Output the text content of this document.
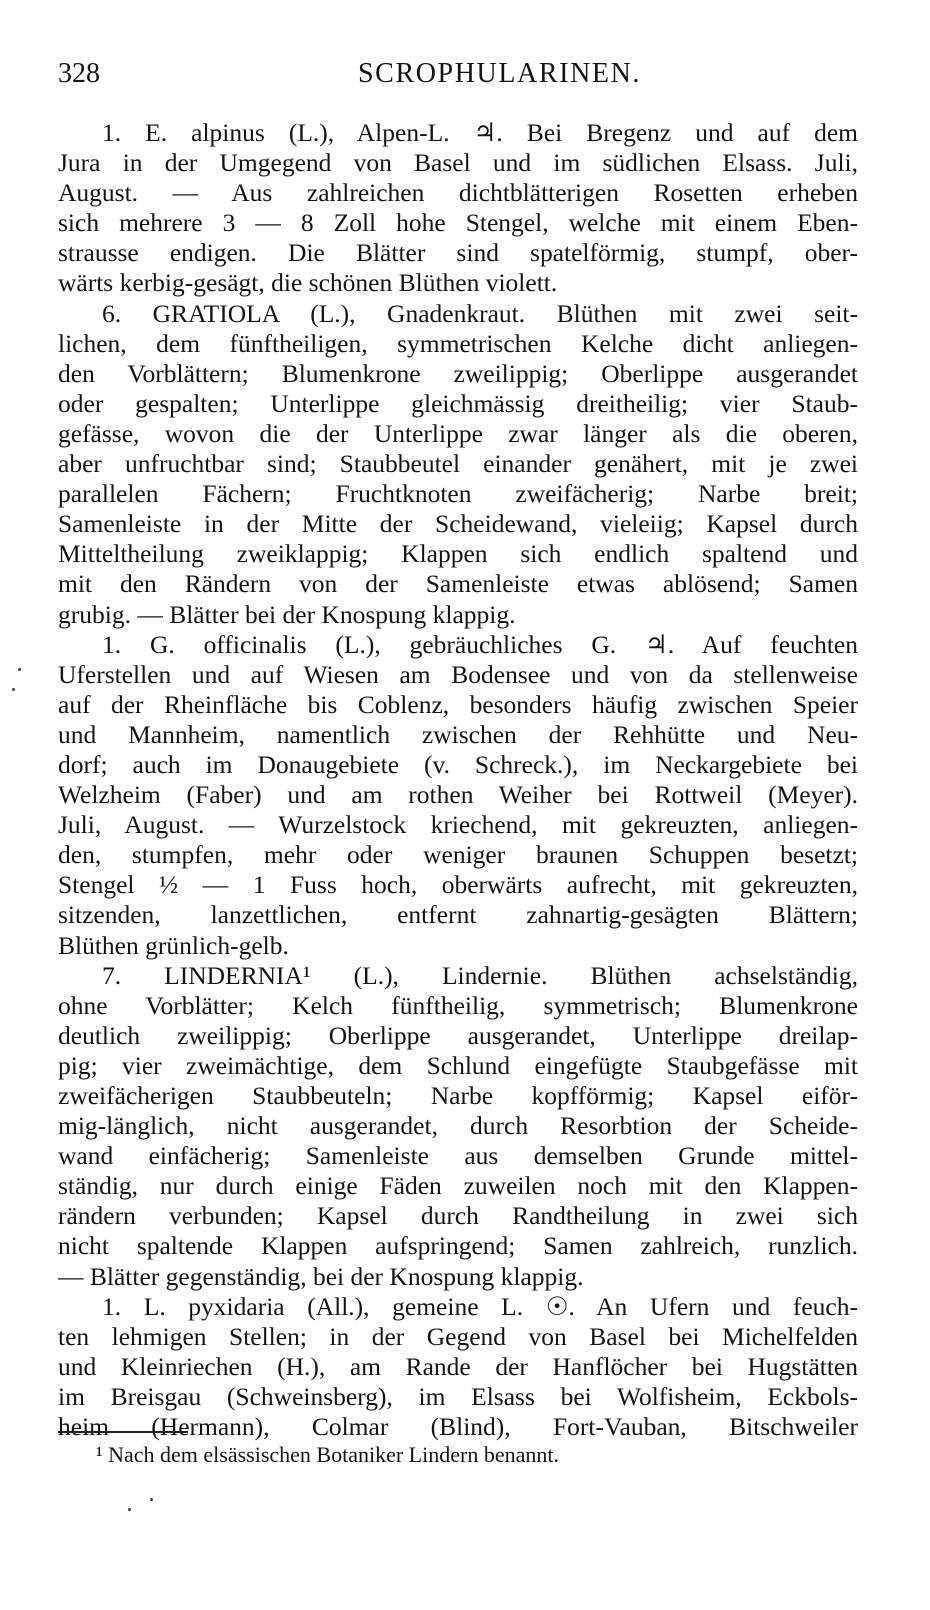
328	SCROPHULARINEN.
1. E. alpinus (L.), Alpen-L. ♃. Bei Bregenz und auf dem
Jura in der Umgegend von Basel und im südlichen Elsass. Juli,
August. — Aus zahlreichen dichtblätterigen Rosetten erheben
sich mehrere 3 — 8 Zoll hohe Stengel, welche mit einem Eben-
strausse endigen. Die Blätter sind spatelförmig, stumpf, ober-
wärts kerbig-gesägt, die schönen Blüthen violett.
6. GRATIOLA (L.), Gnadenkraut. Blüthen mit zwei seit-
lichen, dem fünftheiligen, symmetrischen Kelche dicht anliegen-
den Vorblättern; Blumenkrone zweilippig; Oberlippe ausgerandet
oder gespalten; Unterlippe gleichmässig dreitheilig; vier Staub-
gefässe, wovon die der Unterlippe zwar länger als die oberen,
aber unfruchtbar sind; Staubbeutel einander genähert, mit je zwei
parallelen Fächern; Fruchtknoten zweifächerig; Narbe breit;
Samenleiste in der Mitte der Scheidewand, vieleiig; Kapsel durch
Mitteltheilung zweiklappig; Klappen sich endlich spaltend und
mit den Rändern von der Samenleiste etwas ablösend; Samen
grubig. — Blätter bei der Knospung klappig.
1. G. officinalis (L.), gebräuchliches G. ♃. Auf feuchten
Uferstellen und auf Wiesen am Bodensee und von da stellenweise
auf der Rheinfläche bis Coblenz, besonders häufig zwischen Speier
und Mannheim, namentlich zwischen der Rehhütte und Neu-
dorf; auch im Donaugebiete (v. Schreck.), im Neckargebiete bei
Welzheim (Faber) und am rothen Weiher bei Rottweil (Meyer).
Juli, August. — Wurzelstock kriechend, mit gekreuzten, anliegen-
den, stumpfen, mehr oder weniger braunen Schuppen besetzt;
Stengel ½ — 1 Fuss hoch, oberwärts aufrecht, mit gekreuzten,
sitzenden, lanzettlichen, entfernt zahnartig-gesägten Blättern;
Blüthen grünlich-gelb.
7. LINDERNIA¹ (L.), Lindernie. Blüthen achselständig,
ohne Vorblätter; Kelch fünftheilig, symmetrisch; Blumenkrone
deutlich zweilippig; Oberlippe ausgerandet, Unterlippe dreilap-
pig; vier zweimächtige, dem Schlund eingefügte Staubgefässe mit
zweifächerigen Staubbeuteln; Narbe kopfförmig; Kapsel eiför-
mig-länglich, nicht ausgerandet, durch Resorbtion der Scheide-
wand einfächerig; Samenleiste aus demselben Grunde mittel-
ständig, nur durch einige Fäden zuweilen noch mit den Klappen-
rändern verbunden; Kapsel durch Randtheilung in zwei sich
nicht spaltende Klappen aufspringend; Samen zahlreich, runzlich.
— Blätter gegenständig, bei der Knospung klappig.
1. L. pyxidaria (All.), gemeine L. ☉. An Ufern und feuch-
ten lehmigen Stellen; in der Gegend von Basel bei Michelfelden
und Kleinriechen (H.), am Rande der Hanflöcher bei Hugstätten
im Breisgau (Schweinsberg), im Elsass bei Wolfisheim, Eckbols-
heim (Hermann), Colmar (Blind), Fort-Vauban, Bitschweiler
¹ Nach dem elsässischen Botaniker Lindern benannt.
